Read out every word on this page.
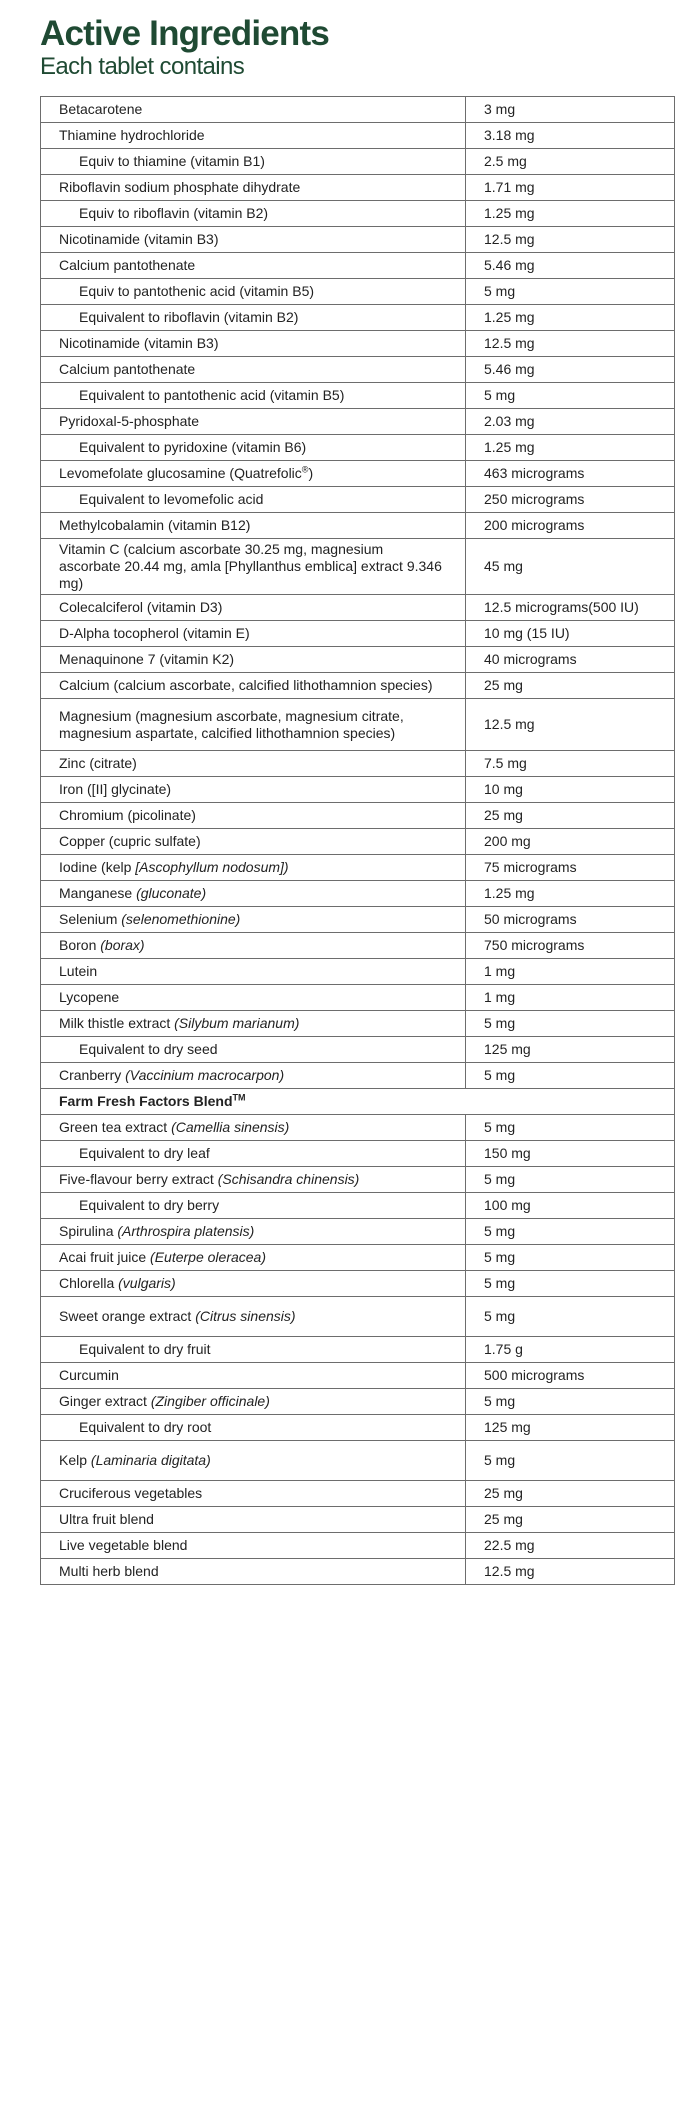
Active Ingredients
Each tablet contains
Betacarotene	3 mg
Thiamine hydrochloride	3.18 mg
Equiv to thiamine (vitamin B1)	2.5 mg
Riboflavin sodium phosphate dihydrate	1.71 mg
Equiv to riboflavin (vitamin B2)	1.25 mg
Nicotinamide (vitamin B3)	12.5 mg
Calcium pantothenate	5.46 mg
Equiv to pantothenic acid (vitamin B5)	5 mg
Equivalent to riboflavin (vitamin B2)	1.25 mg
Nicotinamide (vitamin B3)	12.5 mg
Calcium pantothenate	5.46 mg
Equivalent to pantothenic acid (vitamin B5)	5 mg
Pyridoxal-5-phosphate	2.03 mg
Equivalent to pyridoxine (vitamin B6)	1.25 mg
Levomefolate glucosamine (Quatrefolic®)	463 micrograms
Equivalent to levomefolic acid	250 micrograms
Methylcobalamin (vitamin B12)	200 micrograms
Vitamin C (calcium ascorbate 30.25 mg, magnesium ascorbate 20.44 mg, amla [Phyllanthus emblica] extract 9.346 mg)	45 mg
Colecalciferol (vitamin D3)	12.5 micrograms(500 IU)
D-Alpha tocopherol (vitamin E)	10 mg (15 IU)
Menaquinone 7 (vitamin K2)	40 micrograms
Calcium (calcium ascorbate, calcified lithothamnion species)	25 mg
Magnesium (magnesium ascorbate, magnesium citrate, magnesium aspartate, calcified lithothamnion species)	12.5 mg
Zinc (citrate)	7.5 mg
Iron ([II] glycinate)	10 mg
Chromium (picolinate)	25 mg
Copper (cupric sulfate)	200 mg
Iodine (kelp [Ascophyllum nodosum])	75 micrograms
Manganese (gluconate)	1.25 mg
Selenium (selenomethionine)	50 micrograms
Boron (borax)	750 micrograms
Lutein	1 mg
Lycopene	1 mg
Milk thistle extract (Silybum marianum)	5 mg
Equivalent to dry seed	125 mg
Cranberry (Vaccinium macrocarpon)	5 mg
Farm Fresh Factors Blend™
Green tea extract (Camellia sinensis)	5 mg
Equivalent to dry leaf	150 mg
Five-flavour berry extract (Schisandra chinensis)	5 mg
Equivalent to dry berry	100 mg
Spirulina (Arthrospira platensis)	5 mg
Acai fruit juice (Euterpe oleracea)	5 mg
Chlorella (vulgaris)	5 mg
Sweet orange extract (Citrus sinensis)	5 mg
Equivalent to dry fruit	1.75 g
Curcumin	500 micrograms
Ginger extract (Zingiber officinale)	5 mg
Equivalent to dry root	125 mg
Kelp (Laminaria digitata)	5 mg
Cruciferous vegetables	25 mg
Ultra fruit blend	25 mg
Live vegetable blend	22.5 mg
Multi herb blend	12.5 mg
